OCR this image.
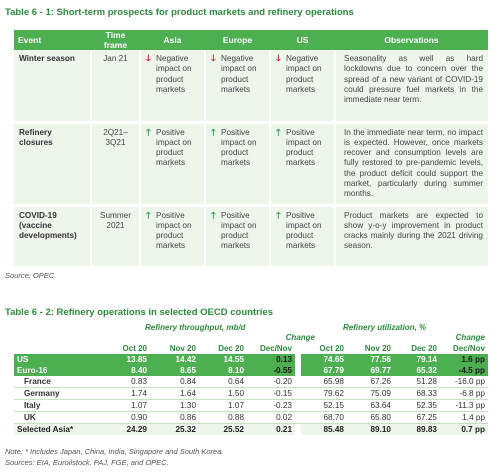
Table 6 - 1: Short-term prospects for product markets and refinery operations
Event	Time frame	Asia	Europe	US	Observations
Winter season	Jan 21	🡓 Negative impact on product markets	🡓 Negative impact on product markets	🡓 Negative impact on product markets	Seasonality as well as hard lockdowns due to concern over the spread of a new variant of COVID-19 could pressure fuel markets in the immediate near term.
Refinery closures	2Q21–3Q21	🡑 Positive impact on product markets	🡑 Positive impact on product markets	🡑 Positive impact on product markets	In the immediate near term, no impact is expected. However, once markets recover and consumption levels are fully restored to pre-pandemic levels, the product deficit could support the market, particularly during summer months.
COVID-19 (vaccine developments)	Summer 2021	🡑 Positive impact on product markets	🡑 Positive impact on product markets	🡑 Positive impact on product markets	Product markets are expected to show y-o-y improvement in product cracks mainly during the 2021 driving season.
Source: OPEC.
Table 6 - 2: Refinery operations in selected OECD countries
Refinery throughput, mb/d	Refinery utilization, %
Change	Change
	Oct 20	Nov 20	Dec 20	Dec/Nov		Oct 20	Nov 20	Dec 20	Dec/Nov
US	13.85	14.42	14.55	0.13		74.65	77.56	79.14	1.6 pp
Euro-16	8.40	8.65	8.10	-0.55		67.79	69.77	65.32	-4.5 pp
France	0.83	0.84	0.64	-0.20		65.98	67.26	51.28	-16.0 pp
Germany	1.74	1.64	1.50	-0.15		79.62	75.09	68.33	-6.8 pp
Italy	1.07	1.30	1.07	-0.23		52.15	63.64	52.35	-11.3 pp
UK	0.90	0.86	0.88	0.02		68.70	65.80	67.25	1.4 pp
Selected Asia*	24.29	25.32	25.52	0.21		85.48	89.10	89.83	0.7 pp
Note: * Includes Japan, China, India, Singapore and South Korea.
Sources: EIA, Euroilstock, PAJ, FGE, and OPEC.
